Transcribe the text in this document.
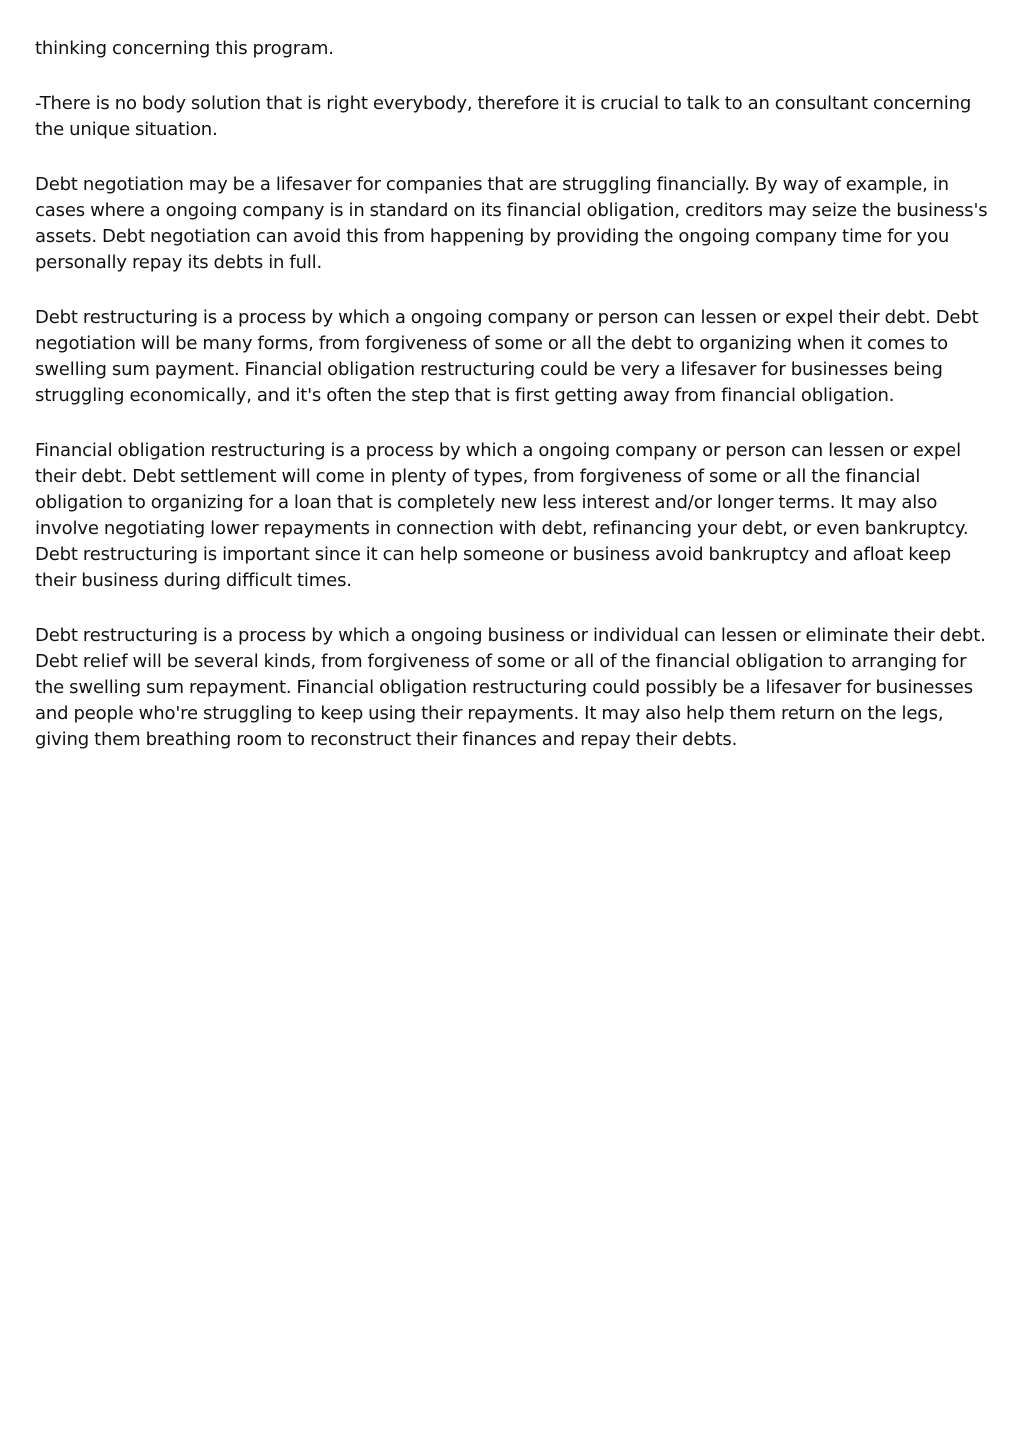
thinking concerning this program.

-There is no body solution that is right everybody, therefore it is crucial to talk to an consultant concerning the unique situation.

Debt negotiation may be a lifesaver for companies that are struggling financially. By way of example, in cases where a ongoing company is in standard on its financial obligation, creditors may seize the business's assets. Debt negotiation can avoid this from happening by providing the ongoing company time for you personally repay its debts in full.

Debt restructuring is a process by which a ongoing company or person can lessen or expel their debt. Debt negotiation will be many forms, from forgiveness of some or all the debt to organizing when it comes to swelling sum payment. Financial obligation restructuring could be very a lifesaver for businesses being struggling economically, and it's often the step that is first getting away from financial obligation.

Financial obligation restructuring is a process by which a ongoing company or person can lessen or expel their debt. Debt settlement will come in plenty of types, from forgiveness of some or all the financial obligation to organizing for a loan that is completely new less interest and/or longer terms. It may also involve negotiating lower repayments in connection with debt, refinancing your debt, or even bankruptcy. Debt restructuring is important since it can help someone or business avoid bankruptcy and afloat keep their business during difficult times.

Debt restructuring is a process by which a ongoing business or individual can lessen or eliminate their debt. Debt relief will be several kinds, from forgiveness of some or all of the financial obligation to arranging for the swelling sum repayment. Financial obligation restructuring could possibly be a lifesaver for businesses and people who're struggling to keep using their repayments. It may also help them return on the legs, giving them breathing room to reconstruct their finances and repay their debts.
